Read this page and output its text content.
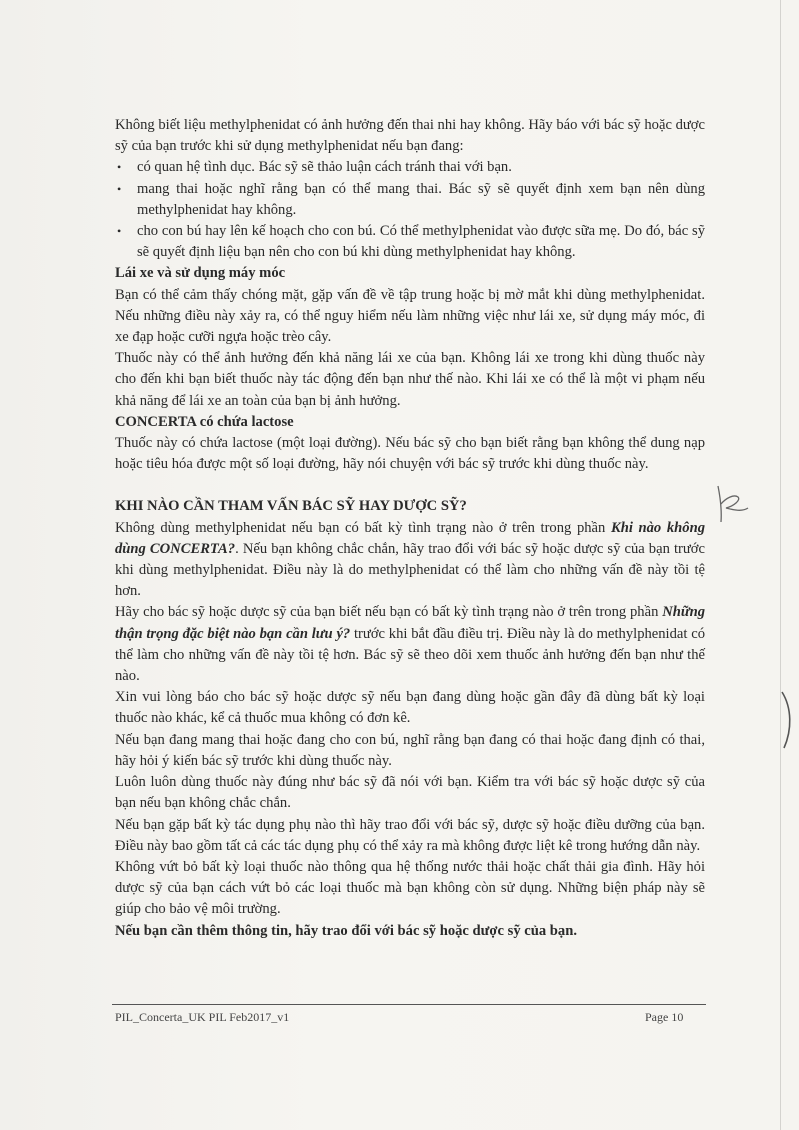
Không biết liệu methylphenidat có ảnh hưởng đến thai nhi hay không. Hãy báo với bác sỹ hoặc dược sỹ của bạn trước khi sử dụng methylphenidat nếu bạn đang:

• có quan hệ tình dục. Bác sỹ sẽ thảo luận cách tránh thai với bạn.
• mang thai hoặc nghĩ rằng bạn có thể mang thai. Bác sỹ sẽ quyết định xem bạn nên dùng methylphenidat hay không.
• cho con bú hay lên kế hoạch cho con bú. Có thể methylphenidat vào được sữa mẹ. Do đó, bác sỹ sẽ quyết định liệu bạn nên cho con bú khi dùng methylphenidat hay không.

Lái xe và sử dụng máy móc

Bạn có thể cảm thấy chóng mặt, gặp vấn đề về tập trung hoặc bị mờ mắt khi dùng methylphenidat. Nếu những điều này xảy ra, có thể nguy hiểm nếu làm những việc như lái xe, sử dụng máy móc, đi xe đạp hoặc cưỡi ngựa hoặc trèo cây.

Thuốc này có thể ảnh hưởng đến khả năng lái xe của bạn. Không lái xe trong khi dùng thuốc này cho đến khi bạn biết thuốc này tác động đến bạn như thế nào. Khi lái xe có thể là một vi phạm nếu khả năng để lái xe an toàn của bạn bị ảnh hưởng.

CONCERTA có chứa lactose

Thuốc này có chứa lactose (một loại đường). Nếu bác sỹ cho bạn biết rằng bạn không thể dung nạp hoặc tiêu hóa được một số loại đường, hãy nói chuyện với bác sỹ trước khi dùng thuốc này.

KHI NÀO CẦN THAM VẤN BÁC SỸ HAY DƯỢC SỸ?

Không dùng methylphenidat nếu bạn có bất kỳ tình trạng nào ở trên trong phần Khi nào không dùng CONCERTA?. Nếu bạn không chắc chắn, hãy trao đổi với bác sỹ hoặc dược sỹ của bạn trước khi dùng methylphenidat. Điều này là do methylphenidat có thể làm cho những vấn đề này tồi tệ hơn.

Hãy cho bác sỹ hoặc dược sỹ của bạn biết nếu bạn có bất kỳ tình trạng nào ở trên trong phần Những thận trọng đặc biệt nào bạn cần lưu ý? trước khi bắt đầu điều trị. Điều này là do methylphenidat có thể làm cho những vấn đề này tồi tệ hơn. Bác sỹ sẽ theo dõi xem thuốc ảnh hưởng đến bạn như thế nào.

Xin vui lòng báo cho bác sỹ hoặc dược sỹ nếu bạn đang dùng hoặc gần đây đã dùng bất kỳ loại thuốc nào khác, kể cả thuốc mua không có đơn kê.

Nếu bạn đang mang thai hoặc đang cho con bú, nghĩ rằng bạn đang có thai hoặc đang định có thai, hãy hỏi ý kiến bác sỹ trước khi dùng thuốc này.

Luôn luôn dùng thuốc này đúng như bác sỹ đã nói với bạn. Kiểm tra với bác sỹ hoặc dược sỹ của bạn nếu bạn không chắc chắn.

Nếu bạn gặp bất kỳ tác dụng phụ nào thì hãy trao đổi với bác sỹ, dược sỹ hoặc điều dưỡng của bạn. Điều này bao gồm tất cả các tác dụng phụ có thể xảy ra mà không được liệt kê trong hướng dẫn này.

Không vứt bỏ bất kỳ loại thuốc nào thông qua hệ thống nước thải hoặc chất thải gia đình. Hãy hỏi dược sỹ của bạn cách vứt bỏ các loại thuốc mà bạn không còn sử dụng. Những biện pháp này sẽ giúp cho bảo vệ môi trường.

Nếu bạn cần thêm thông tin, hãy trao đổi với bác sỹ hoặc dược sỹ của bạn.

PIL_Concerta_UK PIL Feb2017_v1	Page 10
